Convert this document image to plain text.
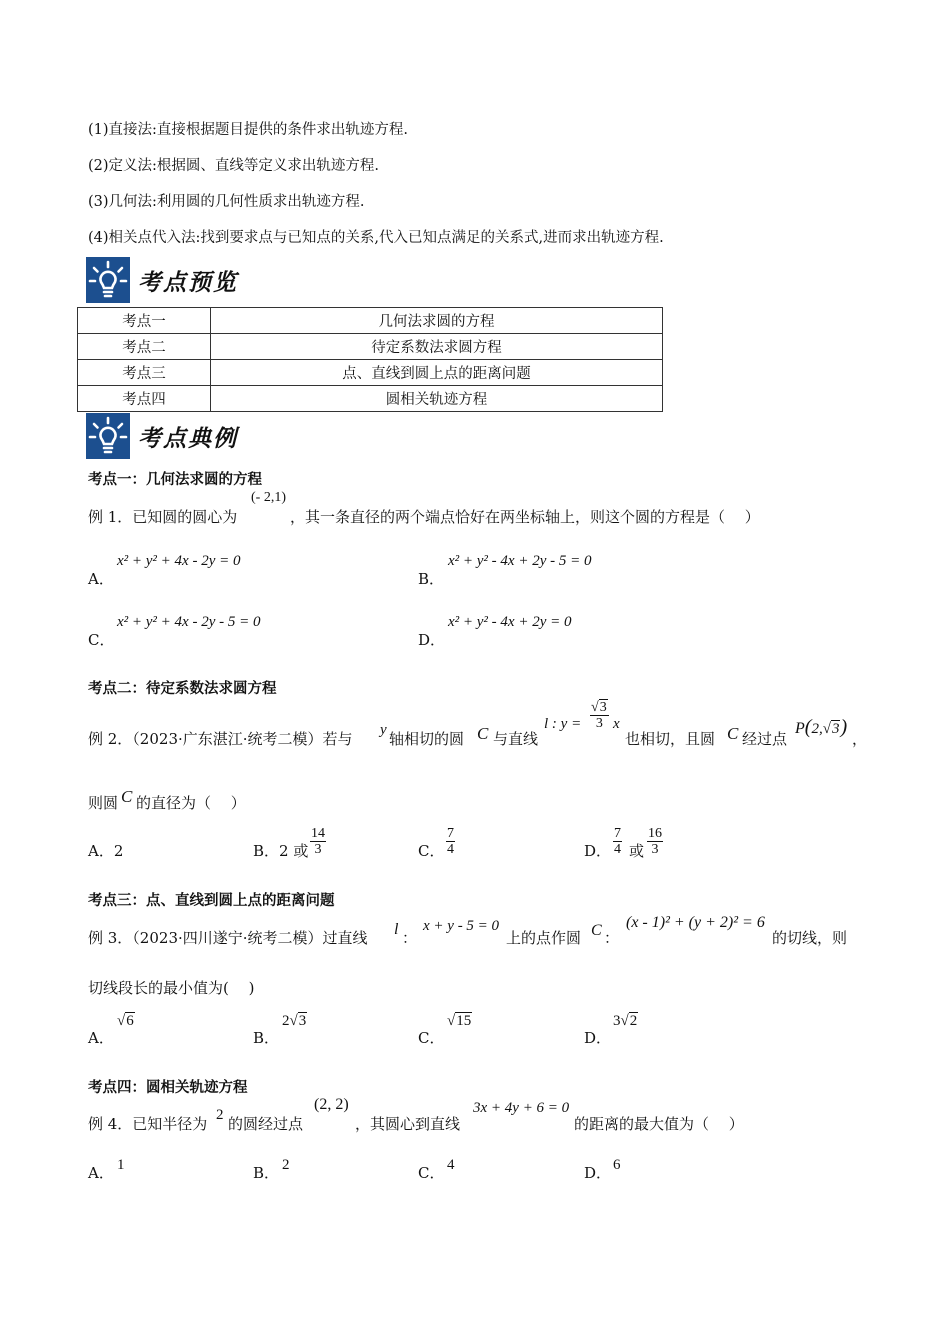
(1)直接法:直接根据题目提供的条件求出轨迹方程.
(2)定义法:根据圆、直线等定义求出轨迹方程.
(3)几何法:利用圆的几何性质求出轨迹方程.
(4)相关点代入法:找到要求点与已知点的关系,代入已知点满足的关系式,进而求出轨迹方程.
考点预览
考点一	几何法求圆的方程
考点二	待定系数法求圆方程
考点三	点、直线到圆上点的距离问题
考点四	圆相关轨迹方程
考点典例
考点一：几何法求圆的方程
例 1．已知圆的圆心为
(- 2,1)
，其一条直径的两个端点恰好在两坐标轴上，则这个圆的方程是（　 ）
A．
x² + y² + 4x - 2y = 0
B．
x² + y² - 4x + 2y - 5 = 0
C．
x² + y² + 4x - 2y - 5 = 0
D．
x² + y² - 4x + 2y = 0
考点二：待定系数法求圆方程
例 2．（2023·广东湛江·统考二模）若与 y 轴相切的圆 C 与直线
l : $y = \frac{√3}{3}$ x
也相切，且圆 C 经过点
P(2,√3)
，
则圆 C 的直径为（　 ）
A．2	B．2 或 $\frac{14}{3}$	C． $\frac{7}{4}$	D． $\frac{7}{4}$ 或 $\frac{16}{3}$
考点三：点、直线到圆上点的距离问题
例 3．（2023·四川遂宁·统考二模）过直线 l ：
x + y - 5 = 0
上的点作圆 C ：
(x - 1)² + (y + 2)² = 6
的切线，则
切线段长的最小值为(　 )
A．
√6
B．
2√3
C．
√15
D．
3√2
考点四：圆相关轨迹方程
例 4．已知半径为 2 的圆经过点
(2, 2)
，其圆心到直线
3x + 4y + 6 = 0
的距离的最大值为（　 ）
A． 1	B． 2	C． 4	D． 6
